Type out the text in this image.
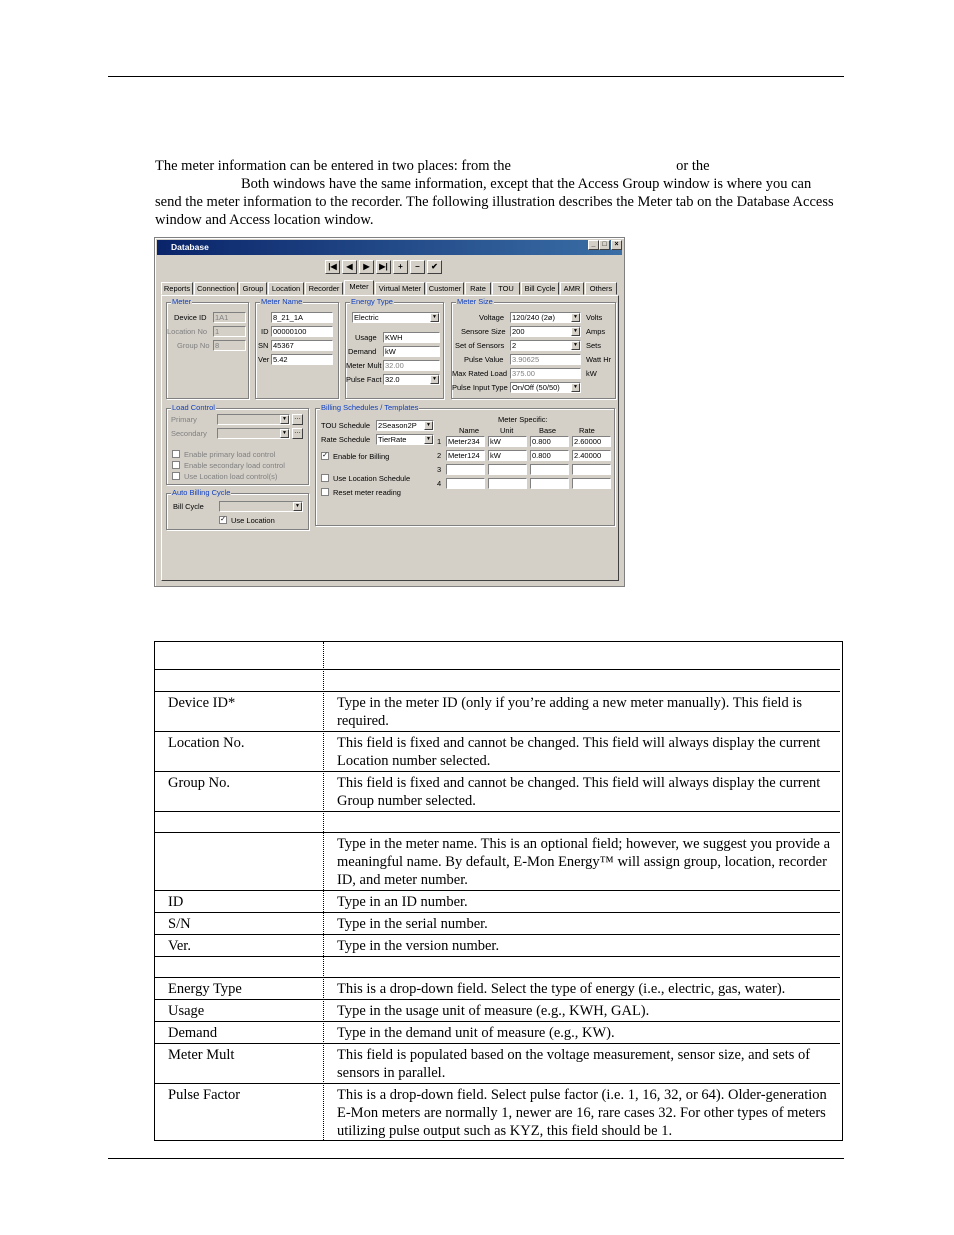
The meter information can be entered in two places: from the	or the
Both windows have the same information, except that the Access Group window is where you can send the meter information to the recorder. The following illustration describes the Meter tab on the Database Access window and Access location window.

Database	_ □	×
|◀	◀	▶	▶|	+	–	✔
Reports Connection	Group	Location	Recorder	Meter	Virtual Meter	Customer	Rate	TOU	Bill Cycle	AMR	Others
Meter
Device ID 1A1
Location No 1
Group No 8
Meter Name
8_21_1A
ID 00000100
SN 45367
Ver 5.42
Energy Type
Electric	▼
Usage KWH
Demand kW
Meter Mult 32.00
Pulse Fact 32.0	▼
Meter Size
Voltage 120/240 (2ø)	▼ Volts
Sensore Size 200	▼ Amps
Set of Sensors 2	▼ Sets
Pulse Value 3.90625	Watt Hr
Max Rated Load 375.00	kW
Pulse Input Type On/Off (50/50)	▼
Load Control
Primary	▼ …
Secondary	▼ …
Enable primary load control
Enable secondary load control
Use Location load control(s)
Auto Billing Cycle
Bill Cycle	▼
✓ Use Location
Billing Schedules / Templates
TOU Schedule 2Season2P	▼
Rate Schedule TierRate	▼
✓ Enable for Billing
Use Location Schedule
Reset meter reading
Meter Specific:
Name	Unit	Base	Rate
1 Meter234	kW	0.800	2.60000
2 Meter124	kW	0.800	2.40000
3
4
Device ID*	Type in the meter ID (only if you’re adding a new meter manually). This field is required.
Location No.	This field is fixed and cannot be changed. This field will always display the current Location number selected.
Group No.	This field is fixed and cannot be changed. This field will always display the current Group number selected.
Type in the meter name. This is an optional field; however, we suggest you provide a meaningful name. By default, E-Mon Energy™ will assign group, location, recorder ID, and meter number.
ID	Type in an ID number.
S/N	Type in the serial number.
Ver.	Type in the version number.
Energy Type	This is a drop-down field. Select the type of energy (i.e., electric, gas, water).
Usage	Type in the usage unit of measure (e.g., KWH, GAL).
Demand	Type in the demand unit of measure (e.g., KW).
Meter Mult	This field is populated based on the voltage measurement, sensor size, and sets of sensors in parallel.
Pulse Factor	This is a drop-down field. Select pulse factor (i.e. 1, 16, 32, or 64). Older-generation E-Mon meters are normally 1, newer are 16, rare cases 32. For other types of meters utilizing pulse output such as KYZ, this field should be 1.
